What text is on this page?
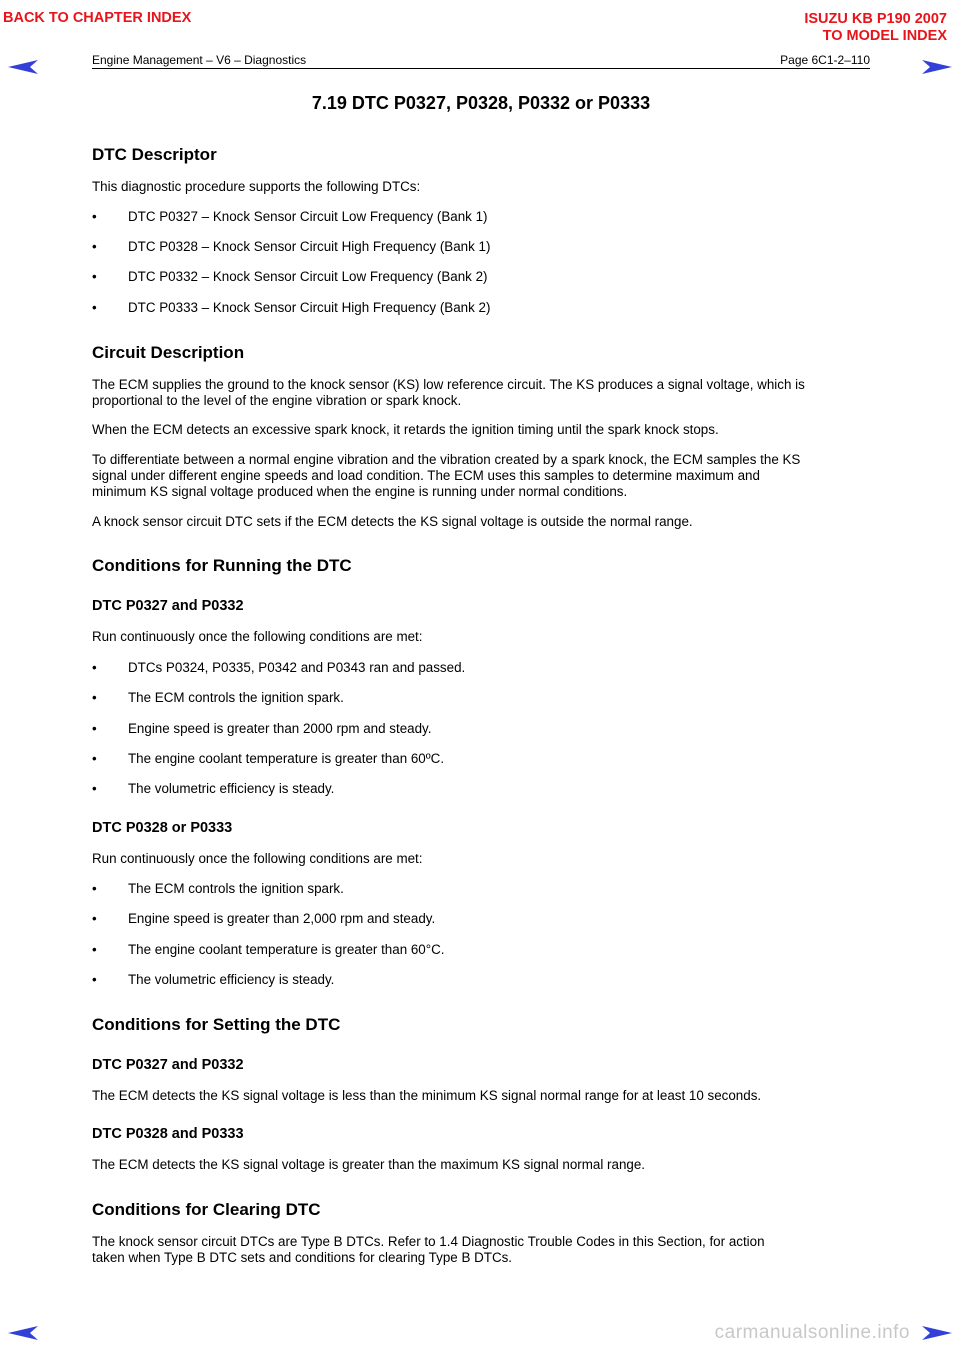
BACK TO CHAPTER INDEX	ISUZU KB P190 2007
TO MODEL INDEX
Engine Management – V6 – Diagnostics	Page 6C1-2–110
7.19 DTC P0327, P0328, P0332 or P0333
DTC Descriptor
This diagnostic procedure supports the following DTCs:
• DTC P0327 – Knock Sensor Circuit Low Frequency (Bank 1)
• DTC P0328 – Knock Sensor Circuit High Frequency (Bank 1)
• DTC P0332 – Knock Sensor Circuit Low Frequency (Bank 2)
• DTC P0333 – Knock Sensor Circuit High Frequency (Bank 2)
Circuit Description
The ECM supplies the ground to the knock sensor (KS) low reference circuit. The KS produces a signal voltage, which is
proportional to the level of the engine vibration or spark knock.
When the ECM detects an excessive spark knock, it retards the ignition timing until the spark knock stops.
To differentiate between a normal engine vibration and the vibration created by a spark knock, the ECM samples the KS
signal under different engine speeds and load condition. The ECM uses this samples to determine maximum and
minimum KS signal voltage produced when the engine is running under normal conditions.
A knock sensor circuit DTC sets if the ECM detects the KS signal voltage is outside the normal range.
Conditions for Running the DTC
DTC P0327 and P0332
Run continuously once the following conditions are met:
• DTCs P0324, P0335, P0342 and P0343 ran and passed.
• The ECM controls the ignition spark.
• Engine speed is greater than 2000 rpm and steady.
• The engine coolant temperature is greater than 60ºC.
• The volumetric efficiency is steady.
DTC P0328 or P0333
Run continuously once the following conditions are met:
• The ECM controls the ignition spark.
• Engine speed is greater than 2,000 rpm and steady.
• The engine coolant temperature is greater than 60°C.
• The volumetric efficiency is steady.
Conditions for Setting the DTC
DTC P0327 and P0332
The ECM detects the KS signal voltage is less than the minimum KS signal normal range for at least 10 seconds.
DTC P0328 and P0333
The ECM detects the KS signal voltage is greater than the maximum KS signal normal range.
Conditions for Clearing DTC
The knock sensor circuit DTCs are Type B DTCs. Refer to 1.4 Diagnostic Trouble Codes in this Section, for action
taken when Type B DTC sets and conditions for clearing Type B DTCs.
carmanualsonline.info
